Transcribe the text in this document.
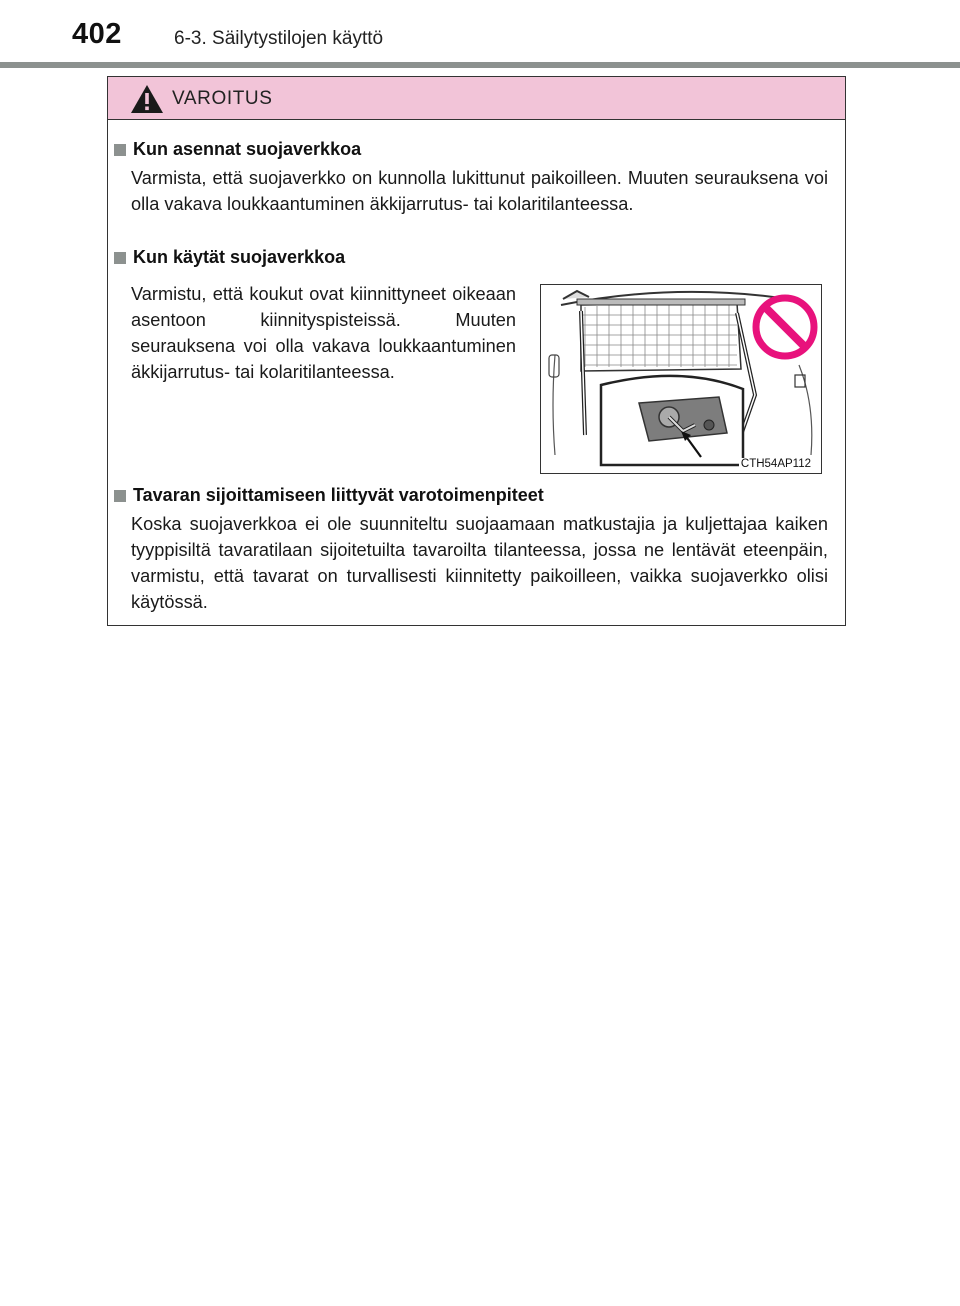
402	6-3. Säilytystilojen käyttö
VAROITUS
Kun asennat suojaverkkoa
Varmista, että suojaverkko on kunnolla lukittunut paikoilleen. Muuten seurauksena voi olla vakava loukkaantuminen äkkijarrutus- tai kolaritilanteessa.
Kun käytät suojaverkkoa
Varmistu, että koukut ovat kiinnittyneet oikeaan asentoon kiinnityspisteissä. Muuten seurauksena voi olla vakava loukkaantuminen äkkijarrutus- tai kolaritilanteessa.
CTH54AP112
Tavaran sijoittamiseen liittyvät varotoimenpiteet
Koska suojaverkkoa ei ole suunniteltu suojaamaan matkustajia ja kuljettajaa kaiken tyyppisiltä tavaratilaan sijoitetuilta tavaroilta tilanteessa, jossa ne lentävät eteenpäin, varmistu, että tavarat on turvallisesti kiinnitetty paikoilleen, vaikka suojaverkko olisi käytössä.
